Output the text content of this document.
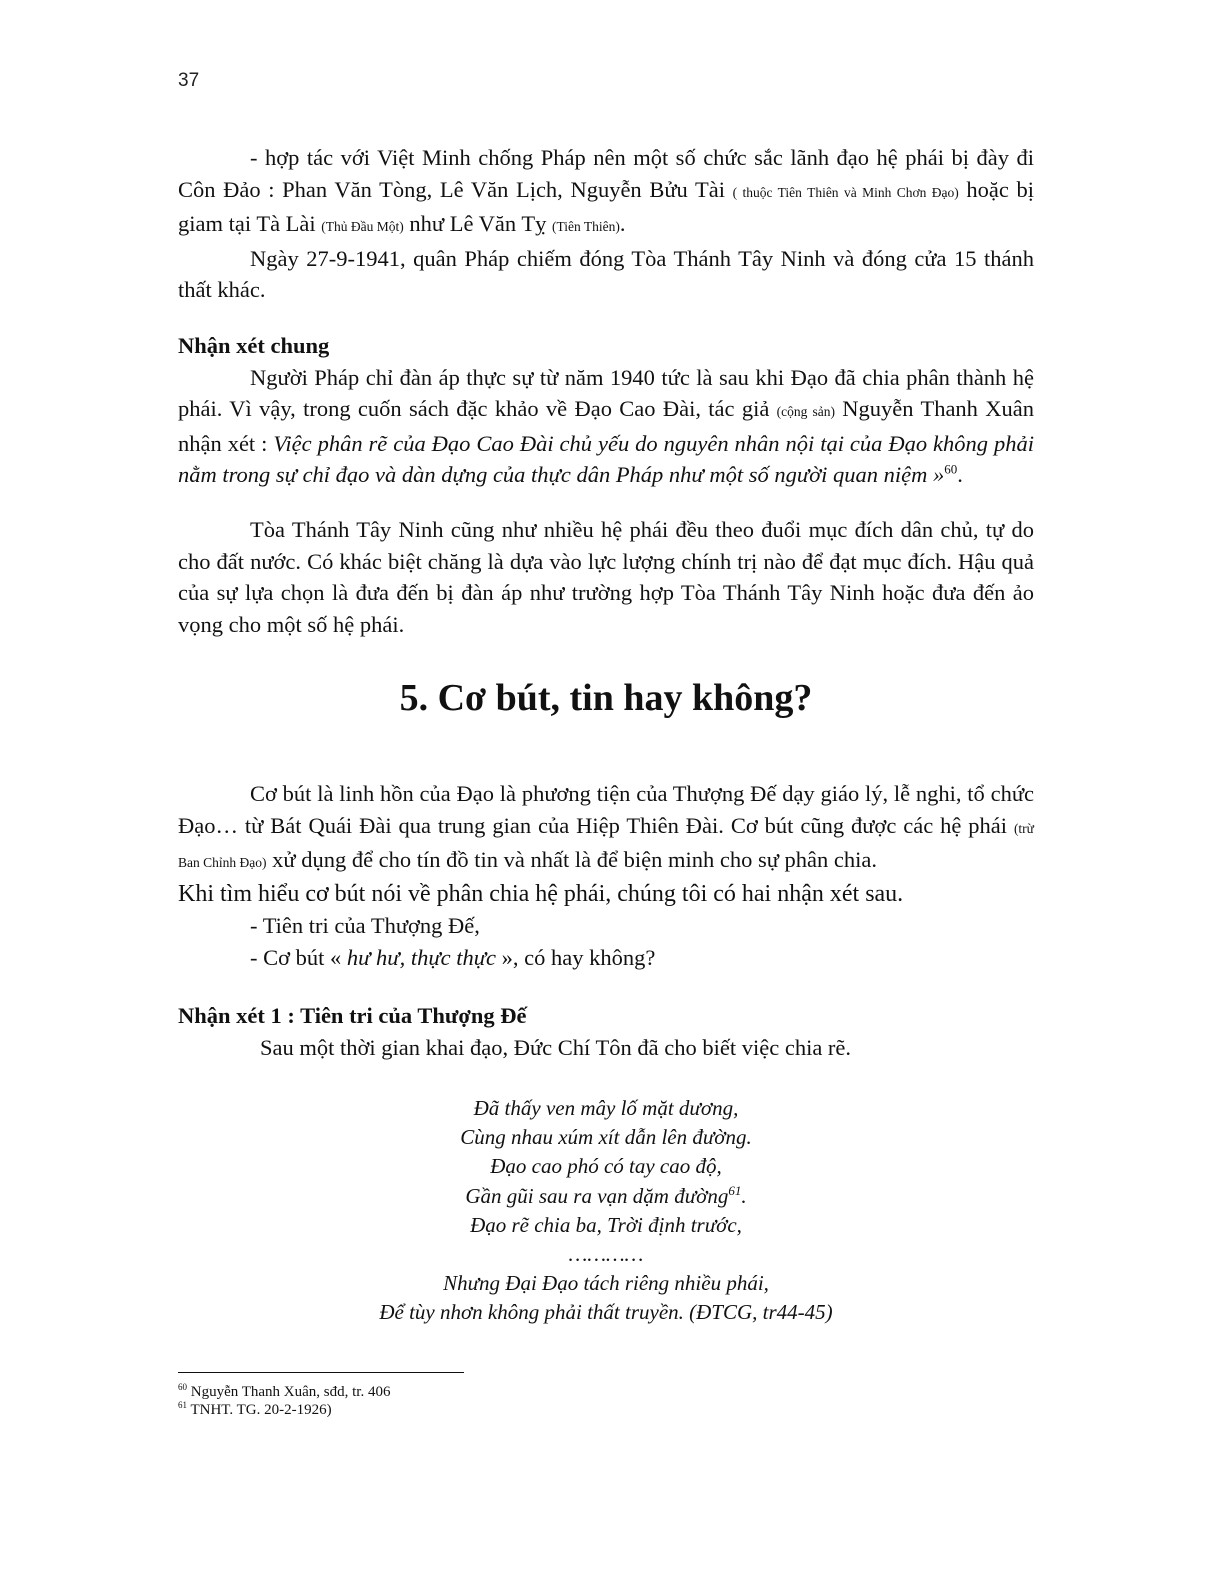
37

- hợp tác với Việt Minh chống Pháp nên một số chức sắc lãnh đạo hệ phái bị đày đi Côn Đảo : Phan Văn Tòng, Lê Văn Lịch, Nguyễn Bửu Tài ( thuộc Tiên Thiên và Minh Chơn Đạo) hoặc bị giam tại Tà Lài (Thủ Đầu Một) như Lê Văn Tỵ (Tiên Thiên).

Ngày 27-9-1941, quân Pháp chiếm đóng Tòa Thánh Tây Ninh và đóng cửa 15 thánh thất khác.

Nhận xét chung

Người Pháp chỉ đàn áp thực sự từ năm 1940 tức là sau khi Đạo đã chia phân thành hệ phái. Vì vậy, trong cuốn sách đặc khảo về Đạo Cao Đài, tác giả (cộng sản) Nguyễn Thanh Xuân nhận xét : Việc phân rẽ của Đạo Cao Đài chủ yếu do nguyên nhân nội tại của Đạo không phải nằm trong sự chỉ đạo và dàn dựng của thực dân Pháp như một số người quan niệm »$^{60}$.

Tòa Thánh Tây Ninh cũng như nhiều hệ phái đều theo đuổi mục đích dân chủ, tự do cho đất nước. Có khác biệt chăng là dựa vào lực lượng chính trị nào để đạt mục đích. Hậu quả của sự lựa chọn là đưa đến bị đàn áp như trường hợp Tòa Thánh Tây Ninh hoặc đưa đến ảo vọng cho một số hệ phái.

5. Cơ bút, tin hay không?

Cơ bút là linh hồn của Đạo là phương tiện của Thượng Đế dạy giáo lý, lễ nghi, tổ chức Đạo… từ Bát Quái Đài qua trung gian của Hiệp Thiên Đài. Cơ bút cũng được các hệ phái (trừ Ban Chỉnh Đạo) xử dụng để cho tín đồ tin và nhất là để biện minh cho sự phân chia.

Khi tìm hiểu cơ bút nói về phân chia hệ phái, chúng tôi có hai nhận xét sau.

- Tiên tri của Thượng Đế,

- Cơ bút « hư hư, thực thực », có hay không?

Nhận xét 1 : Tiên tri của Thượng Đế

Sau một thời gian khai đạo, Đức Chí Tôn đã cho biết việc chia rẽ.

Đã thấy ven mây lố mặt dương,
Cùng nhau xúm xít dẫn lên đường.
Đạo cao phó có tay cao độ,
Gần gũi sau ra vạn dặm đường$^{61}$.
Đạo rẽ chia ba, Trời định trước,
…………
Nhưng Đại Đạo tách riêng nhiều phái,
Để tùy nhơn không phải thất truyền. (ĐTCG, tr44-45)
$^{60}$ Nguyễn Thanh Xuân, sđd, tr. 406
$^{61}$ TNHT. TG. 20-2-1926)
